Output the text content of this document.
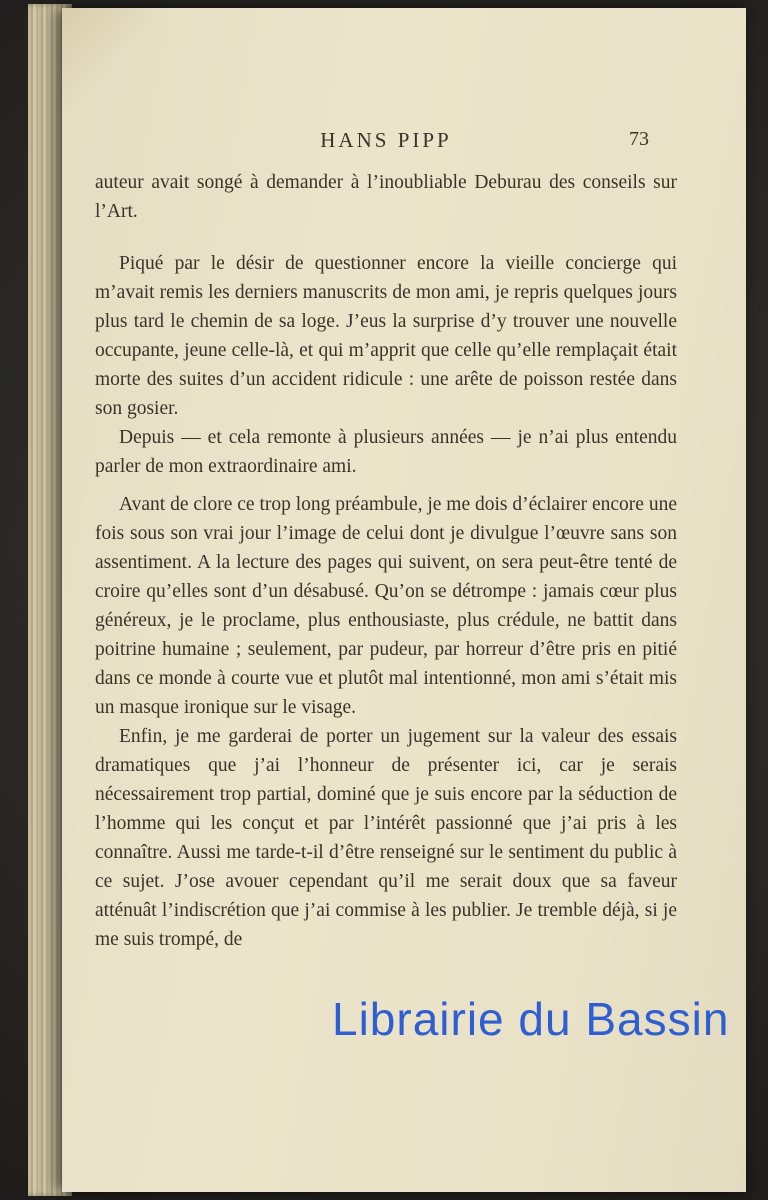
HANS PIPP	73

auteur avait songé à demander à l’inoubliable Deburau des conseils sur l’Art.

Piqué par le désir de questionner encore la vieille concierge qui m’avait remis les derniers manuscrits de mon ami, je repris quelques jours plus tard le chemin de sa loge. J’eus la surprise d’y trouver une nouvelle occupante, jeune celle-là, et qui m’apprit que celle qu’elle remplaçait était morte des suites d’un accident ridicule : une arête de poisson restée dans son gosier.

Depuis — et cela remonte à plusieurs années — je n’ai plus entendu parler de mon extraordinaire ami.

Avant de clore ce trop long préambule, je me dois d’éclairer encore une fois sous son vrai jour l’image de celui dont je divulgue l’œuvre sans son assentiment. A la lecture des pages qui suivent, on sera peut-être tenté de croire qu’elles sont d’un désabusé. Qu’on se détrompe : jamais cœur plus généreux, je le proclame, plus enthousiaste, plus crédule, ne battit dans poitrine humaine ; seulement, par pudeur, par horreur d’être pris en pitié dans ce monde à courte vue et plutôt mal intentionné, mon ami s’était mis un masque ironique sur le visage.

Enfin, je me garderai de porter un jugement sur la valeur des essais dramatiques que j’ai l’honneur de présenter ici, car je serais nécessairement trop partial, dominé que je suis encore par la séduction de l’homme qui les conçut et par l’intérêt passionné que j’ai pris à les connaître. Aussi me tarde-t-il d’être renseigné sur le sentiment du public à ce sujet. J’ose avouer cependant qu’il me serait doux que sa faveur atténuât l’indiscrétion que j’ai commise à les publier. Je tremble déjà, si je me suis trompé, de

Librairie du Bassin
